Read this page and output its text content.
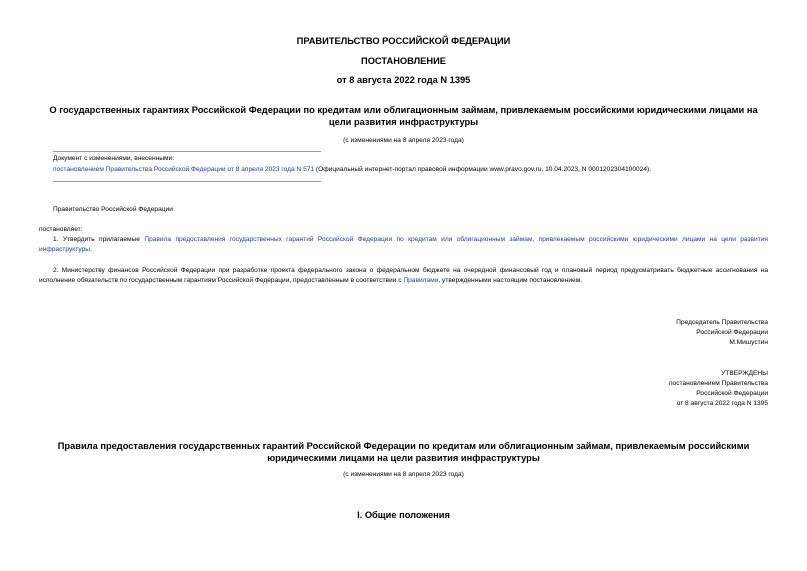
ПРАВИТЕЛЬСТВО РОССИЙСКОЙ ФЕДЕРАЦИИ
ПОСТАНОВЛЕНИЕ
от 8 августа 2022 года N 1395
О государственных гарантиях Российской Федерации по кредитам или облигационным займам, привлекаемым российскими юридическими лицами на цели развития инфраструктуры
(с изменениями на 8 апреля 2023 года)
Документ с изменениями, внесенными:
постановлением Правительства Российской Федерации от 8 апреля 2023 года N 571 (Официальный интернет-портал правовой информации www.pravo.gov.ru, 10.04.2023, N 0001202304100024).
Правительство Российской Федерации
постановляет:
1. Утвердить прилагаемые Правила предоставления государственных гарантий Российской Федерации по кредитам или облигационным займам, привлекаемым российскими юридическими лицами на цели развития инфраструктуры.
2. Министерству финансов Российской Федерации при разработке проекта федерального закона о федеральном бюджете на очередной финансовый год и плановый период предусматривать бюджетные ассигнования на исполнение обязательств по государственным гарантиям Российской Федерации, предоставленным в соответствии с Правилами, утвержденными настоящим постановлением.
Председатель Правительства
Российской Федерации
М.Мишустин
УТВЕРЖДЕНЫ
постановлением Правительства
Российской Федерации
от 8 августа 2022 года N 1395
Правила предоставления государственных гарантий Российской Федерации по кредитам или облигационным займам, привлекаемым российскими юридическими лицами на цели развития инфраструктуры
(с изменениями на 8 апреля 2023 года)
I. Общие положения
